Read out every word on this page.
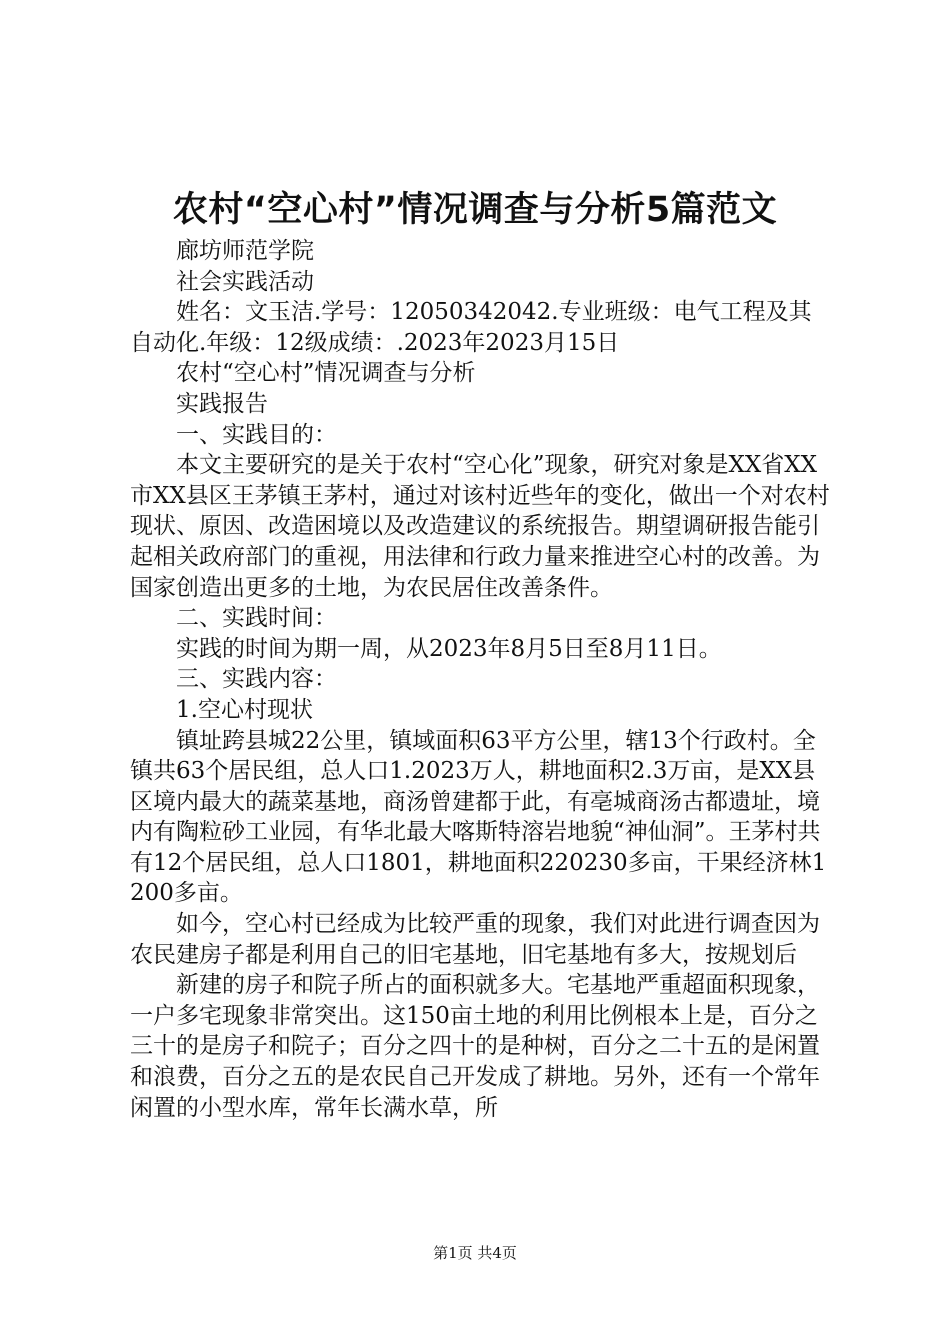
农村“空心村”情况调查与分析5篇范文

廊坊师范学院

社会实践活动

姓名：文玉洁.学号：12050342042.专业班级：电气工程及其自动化.年级：12级成绩：.2023年2023月15日

农村“空心村”情况调查与分析

实践报告

一、实践目的：

本文主要研究的是关于农村“空心化”现象，研究对象是XX省XX市XX县区王茅镇王茅村，通过对该村近些年的变化，做出一个对农村现状、原因、改造困境以及改造建议的系统报告。期望调研报告能引起相关政府部门的重视，用法律和行政力量来推进空心村的改善。为国家创造出更多的土地，为农民居住改善条件。

二、实践时间：

实践的时间为期一周，从2023年8月5日至8月11日。

三、实践内容：

1.空心村现状

镇址跨县城22公里，镇域面积63平方公里，辖13个行政村。全镇共63个居民组，总人口1.2023万人，耕地面积2.3万亩，是XX县区境内最大的蔬菜基地，商汤曾建都于此，有亳城商汤古都遗址，境内有陶粒砂工业园，有华北最大喀斯特溶岩地貌“神仙洞”。王茅村共有12个居民组，总人口1801，耕地面积220230多亩，干果经济林1200多亩。

如今，空心村已经成为比较严重的现象，我们对此进行调查因为农民建房子都是利用自己的旧宅基地，旧宅基地有多大，按规划后

新建的房子和院子所占的面积就多大。宅基地严重超面积现象，一户多宅现象非常突出。这150亩土地的利用比例根本上是，百分之三十的是房子和院子；百分之四十的是种树，百分之二十五的是闲置和浪费，百分之五的是农民自己开发成了耕地。另外，还有一个常年闲置的小型水库，常年长满水草，所

第1页 共4页
